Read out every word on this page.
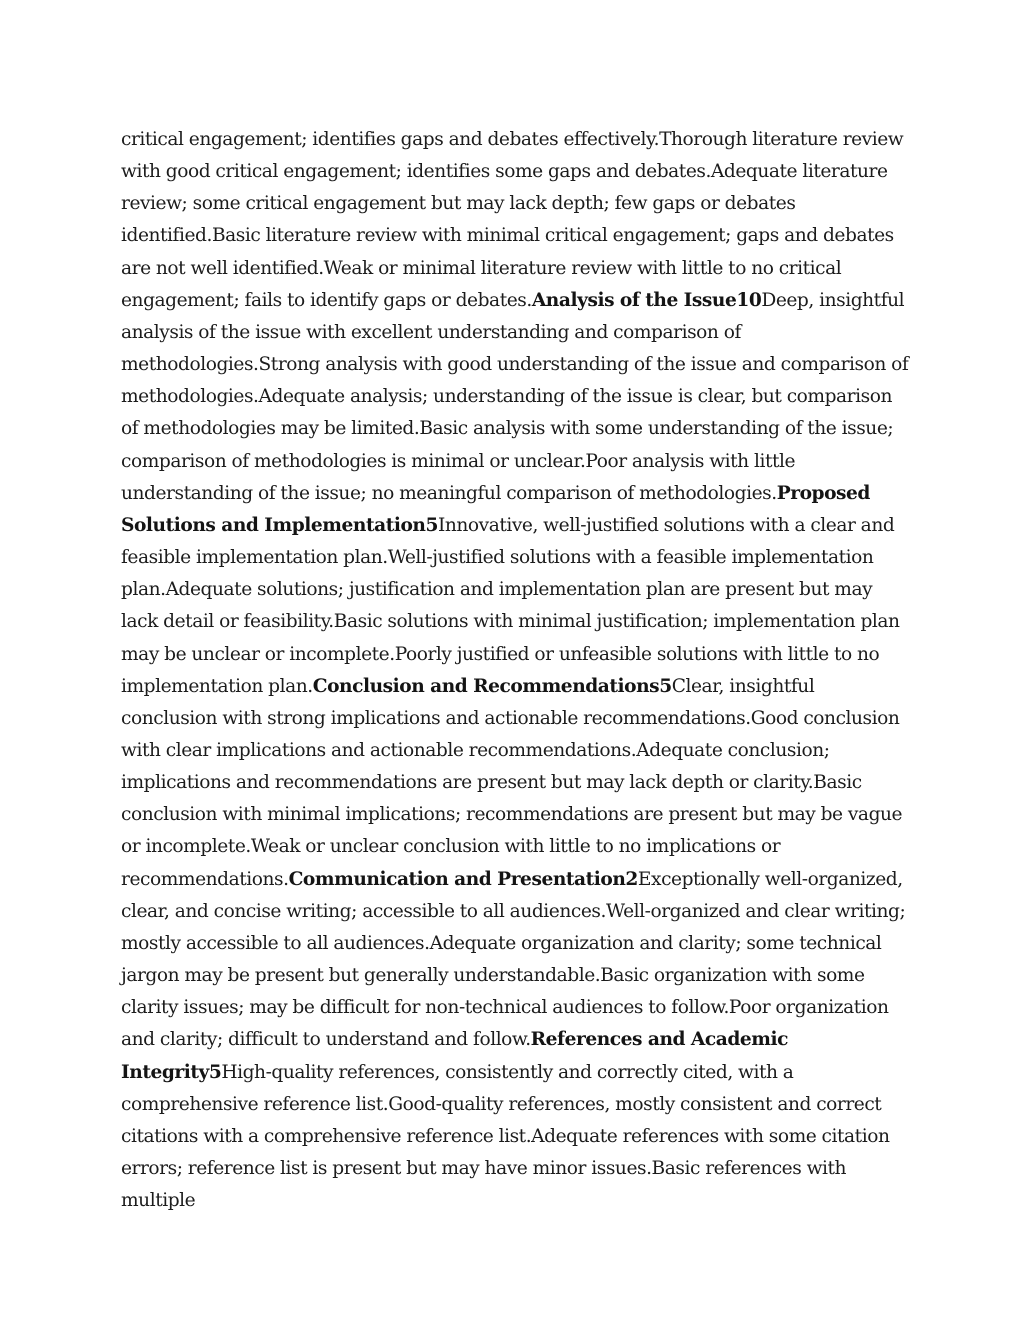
critical engagement; identifies gaps and debates effectively.Thorough literature review with good critical engagement; identifies some gaps and debates.Adequate literature review; some critical engagement but may lack depth; few gaps or debates identified.Basic literature review with minimal critical engagement; gaps and debates are not well identified.Weak or minimal literature review with little to no critical engagement; fails to identify gaps or debates.Analysis of the Issue10Deep, insightful analysis of the issue with excellent understanding and comparison of methodologies.Strong analysis with good understanding of the issue and comparison of methodologies.Adequate analysis; understanding of the issue is clear, but comparison of methodologies may be limited.Basic analysis with some understanding of the issue; comparison of methodologies is minimal or unclear.Poor analysis with little understanding of the issue; no meaningful comparison of methodologies.Proposed Solutions and Implementation5Innovative, well-justified solutions with a clear and feasible implementation plan.Well-justified solutions with a feasible implementation plan.Adequate solutions; justification and implementation plan are present but may lack detail or feasibility.Basic solutions with minimal justification; implementation plan may be unclear or incomplete.Poorly justified or unfeasible solutions with little to no implementation plan.Conclusion and Recommendations5Clear, insightful conclusion with strong implications and actionable recommendations.Good conclusion with clear implications and actionable recommendations.Adequate conclusion; implications and recommendations are present but may lack depth or clarity.Basic conclusion with minimal implications; recommendations are present but may be vague or incomplete.Weak or unclear conclusion with little to no implications or recommendations.Communication and Presentation2Exceptionally well-organized, clear, and concise writing; accessible to all audiences.Well-organized and clear writing; mostly accessible to all audiences.Adequate organization and clarity; some technical jargon may be present but generally understandable.Basic organization with some clarity issues; may be difficult for non-technical audiences to follow.Poor organization and clarity; difficult to understand and follow.References and Academic Integrity5High-quality references, consistently and correctly cited, with a comprehensive reference list.Good-quality references, mostly consistent and correct citations with a comprehensive reference list.Adequate references with some citation errors; reference list is present but may have minor issues.Basic references with multiple
